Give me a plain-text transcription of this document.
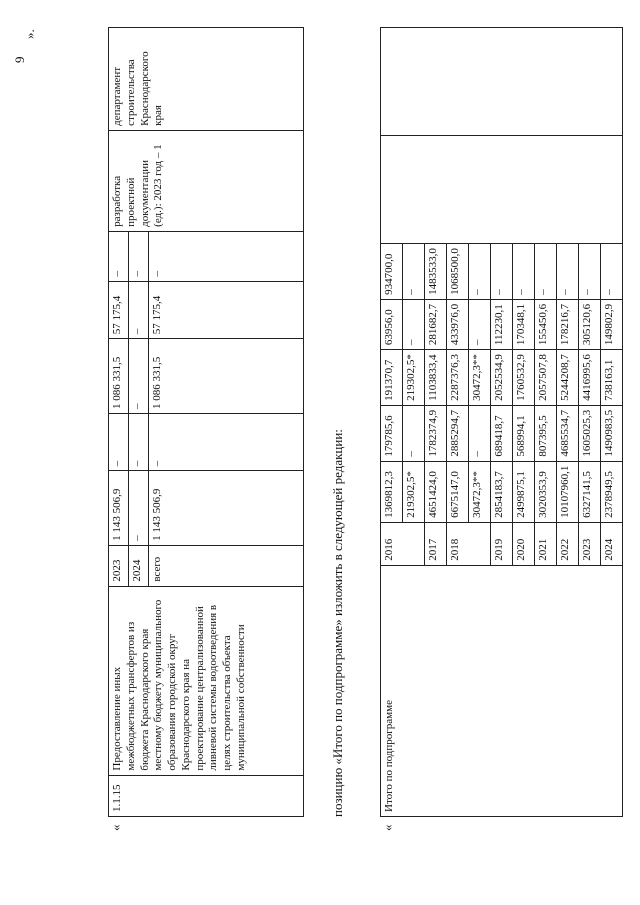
9
«
1.1.15	Предоставление иных межбюджетных трансфертов из бюджета Краснодарского края местному бюджету муниципального образования городской округ Краснодарского края на проектирование централизованной ливневой системы водоотведения в целях строительства объекта муниципальной собственности	2023	1 143 506,9	–	1 086 331,5	57 175,4	–	разработка проектной документации (ед.): 2023 год – 1	департамент строительства Краснодарского края
		2024	–	–	–	–	–		
		всего	1 143 506,9	–	1 086 331,5	57 175,4	–		
позицию «Итого по подпрограмме» изложить в следующей редакции:
«
Итого по подпрограмме	2016	1369812,3	179785,6	191370,7	63956,0	934700,0		
		219302,5*	–	219302,5*	–	–		
	2017	4651424,0	1782374,9	1103833,4	281682,7	1483533,0		
	2018	6675147,0	2885294,7	2287376,3	433976,0	1068500,0		
		30472,3**	–	30472,3**	–	–		
	2019	2854183,7	689418,7	2052534,9	112230,1	–		
	2020	2499875,1	568994,1	1760532,9	170348,1	–		
	2021	3020353,9	807395,5	2057507,8	155450,6	–		
	2022	10107960,1	4685534,7	5244208,7	178216,7	–		
	2023	6327141,5	1605025,3	4416995,6	305120,6	–		
	2024	2378949,5	1490983,5	738163,1	149802,9	–		
».
